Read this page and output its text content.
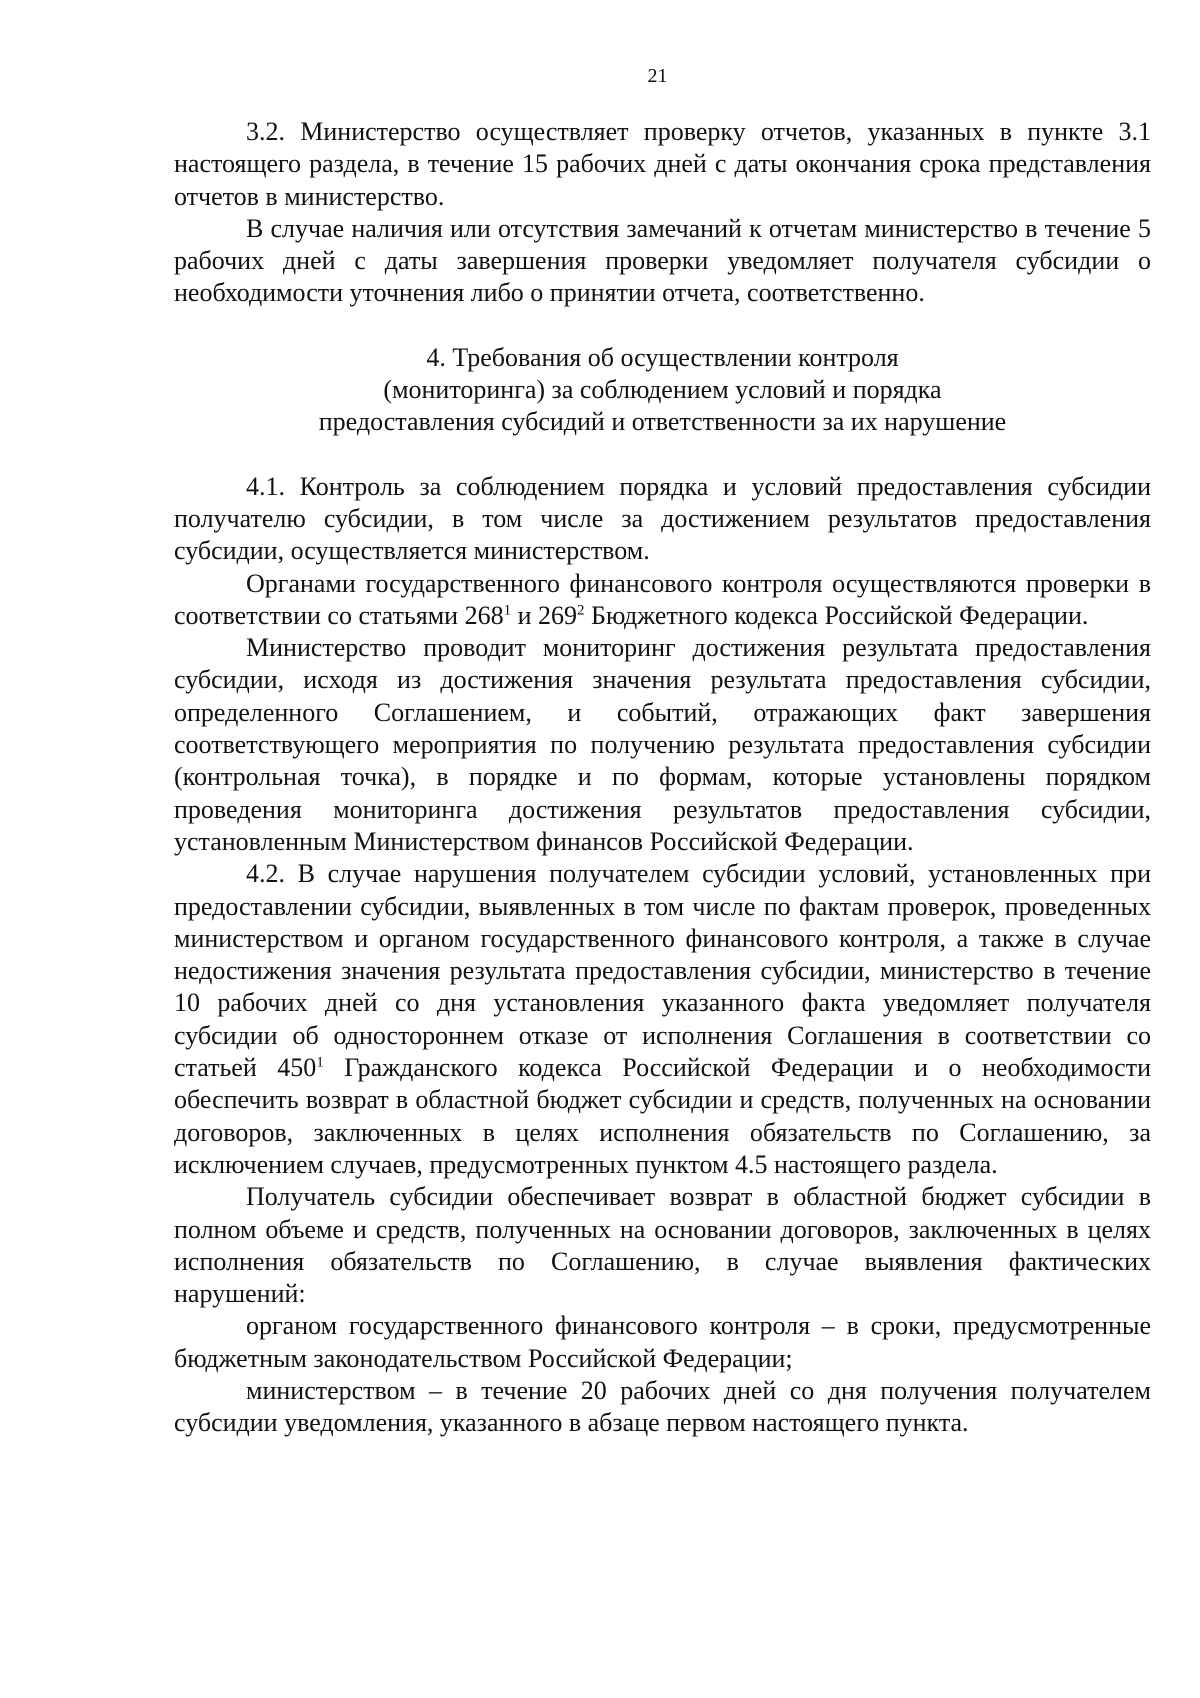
21

3.2. Министерство осуществляет проверку отчетов, указанных в пункте 3.1 настоящего раздела, в течение 15 рабочих дней с даты окончания срока представления отчетов в министерство.

В случае наличия или отсутствия замечаний к отчетам министерство в течение 5 рабочих дней с даты завершения проверки уведомляет получателя субсидии о необходимости уточнения либо о принятии отчета, соответственно.

4. Требования об осуществлении контроля
(мониторинга) за соблюдением условий и порядка
предоставления субсидий и ответственности за их нарушение

4.1. Контроль за соблюдением порядка и условий предоставления субсидии получателю субсидии, в том числе за достижением результатов предоставления субсидии, осуществляется министерством.

Органами государственного финансового контроля осуществляются проверки в соответствии со статьями $268^1$ и $269^2$ Бюджетного кодекса Российской Федерации.

Министерство проводит мониторинг достижения результата предоставления субсидии, исходя из достижения значения результата предоставления субсидии, определенного Соглашением, и событий, отражающих факт завершения соответствующего мероприятия по получению результата предоставления субсидии (контрольная точка), в порядке и по формам, которые установлены порядком проведения мониторинга достижения результатов предоставления субсидии, установленным Министерством финансов Российской Федерации.

4.2. В случае нарушения получателем субсидии условий, установленных при предоставлении субсидии, выявленных в том числе по фактам проверок, проведенных министерством и органом государственного финансового контроля, а также в случае недостижения значения результата предоставления субсидии, министерство в течение 10 рабочих дней со дня установления указанного факта уведомляет получателя субсидии об одностороннем отказе от исполнения Соглашения в соответствии со статьей $450^1$ Гражданского кодекса Российской Федерации и о необходимости обеспечить возврат в областной бюджет субсидии и средств, полученных на основании договоров, заключенных в целях исполнения обязательств по Соглашению, за исключением случаев, предусмотренных пунктом 4.5 настоящего раздела.

Получатель субсидии обеспечивает возврат в областной бюджет субсидии в полном объеме и средств, полученных на основании договоров, заключенных в целях исполнения обязательств по Соглашению, в случае выявления фактических нарушений:

органом государственного финансового контроля – в сроки, предусмотренные бюджетным законодательством Российской Федерации;

министерством – в течение 20 рабочих дней со дня получения получателем субсидии уведомления, указанного в абзаце первом настоящего пункта.
